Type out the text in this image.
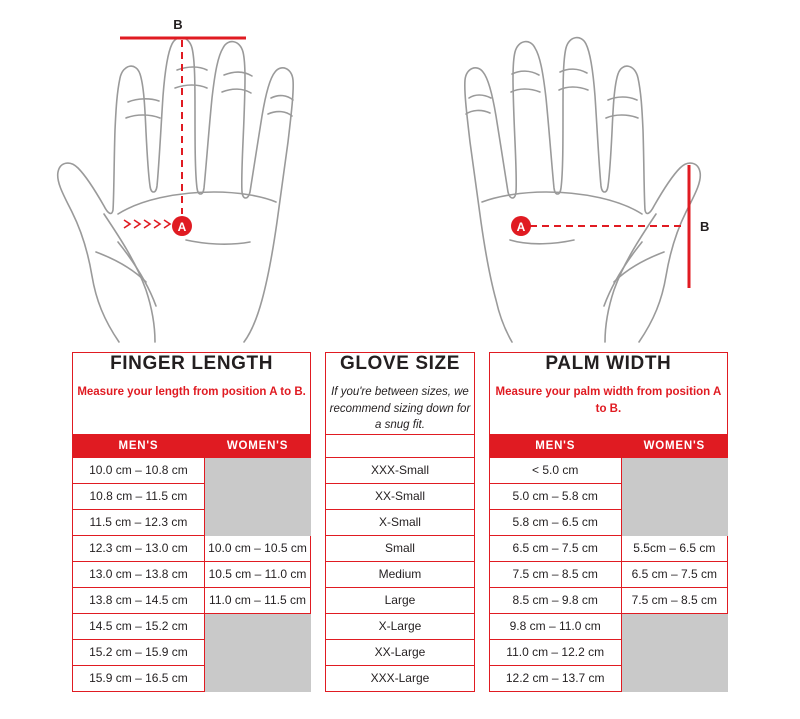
B
A	A	B
FINGER LENGTH
Measure your length from position A to B.			GLOVE SIZE
If you're between sizes, we recommend sizing down for a snug fit.		PALM WIDTH
Measure your palm width from position A to B.	

MEN'S	WOMEN'S				MEN'S	WOMEN'S
10.0 cm – 10.8 cm			XXX-Small		< 5.0 cm	
10.8 cm – 11.5 cm			XX-Small		5.0 cm – 5.8 cm	
11.5 cm – 12.3 cm			X-Small		5.8 cm – 6.5 cm	
12.3 cm – 13.0 cm	10.0 cm – 10.5 cm		Small		6.5 cm – 7.5 cm	5.5cm – 6.5 cm
13.0 cm – 13.8 cm	10.5 cm – 11.0 cm		Medium		7.5 cm – 8.5 cm	6.5 cm – 7.5 cm
13.8 cm – 14.5 cm	11.0 cm – 11.5 cm		Large		8.5 cm – 9.8 cm	7.5 cm – 8.5 cm
14.5 cm – 15.2 cm			X-Large		9.8 cm – 11.0 cm	
15.2 cm – 15.9 cm			XX-Large		11.0 cm – 12.2 cm	
15.9 cm – 16.5 cm			XXX-Large		12.2 cm – 13.7 cm	
